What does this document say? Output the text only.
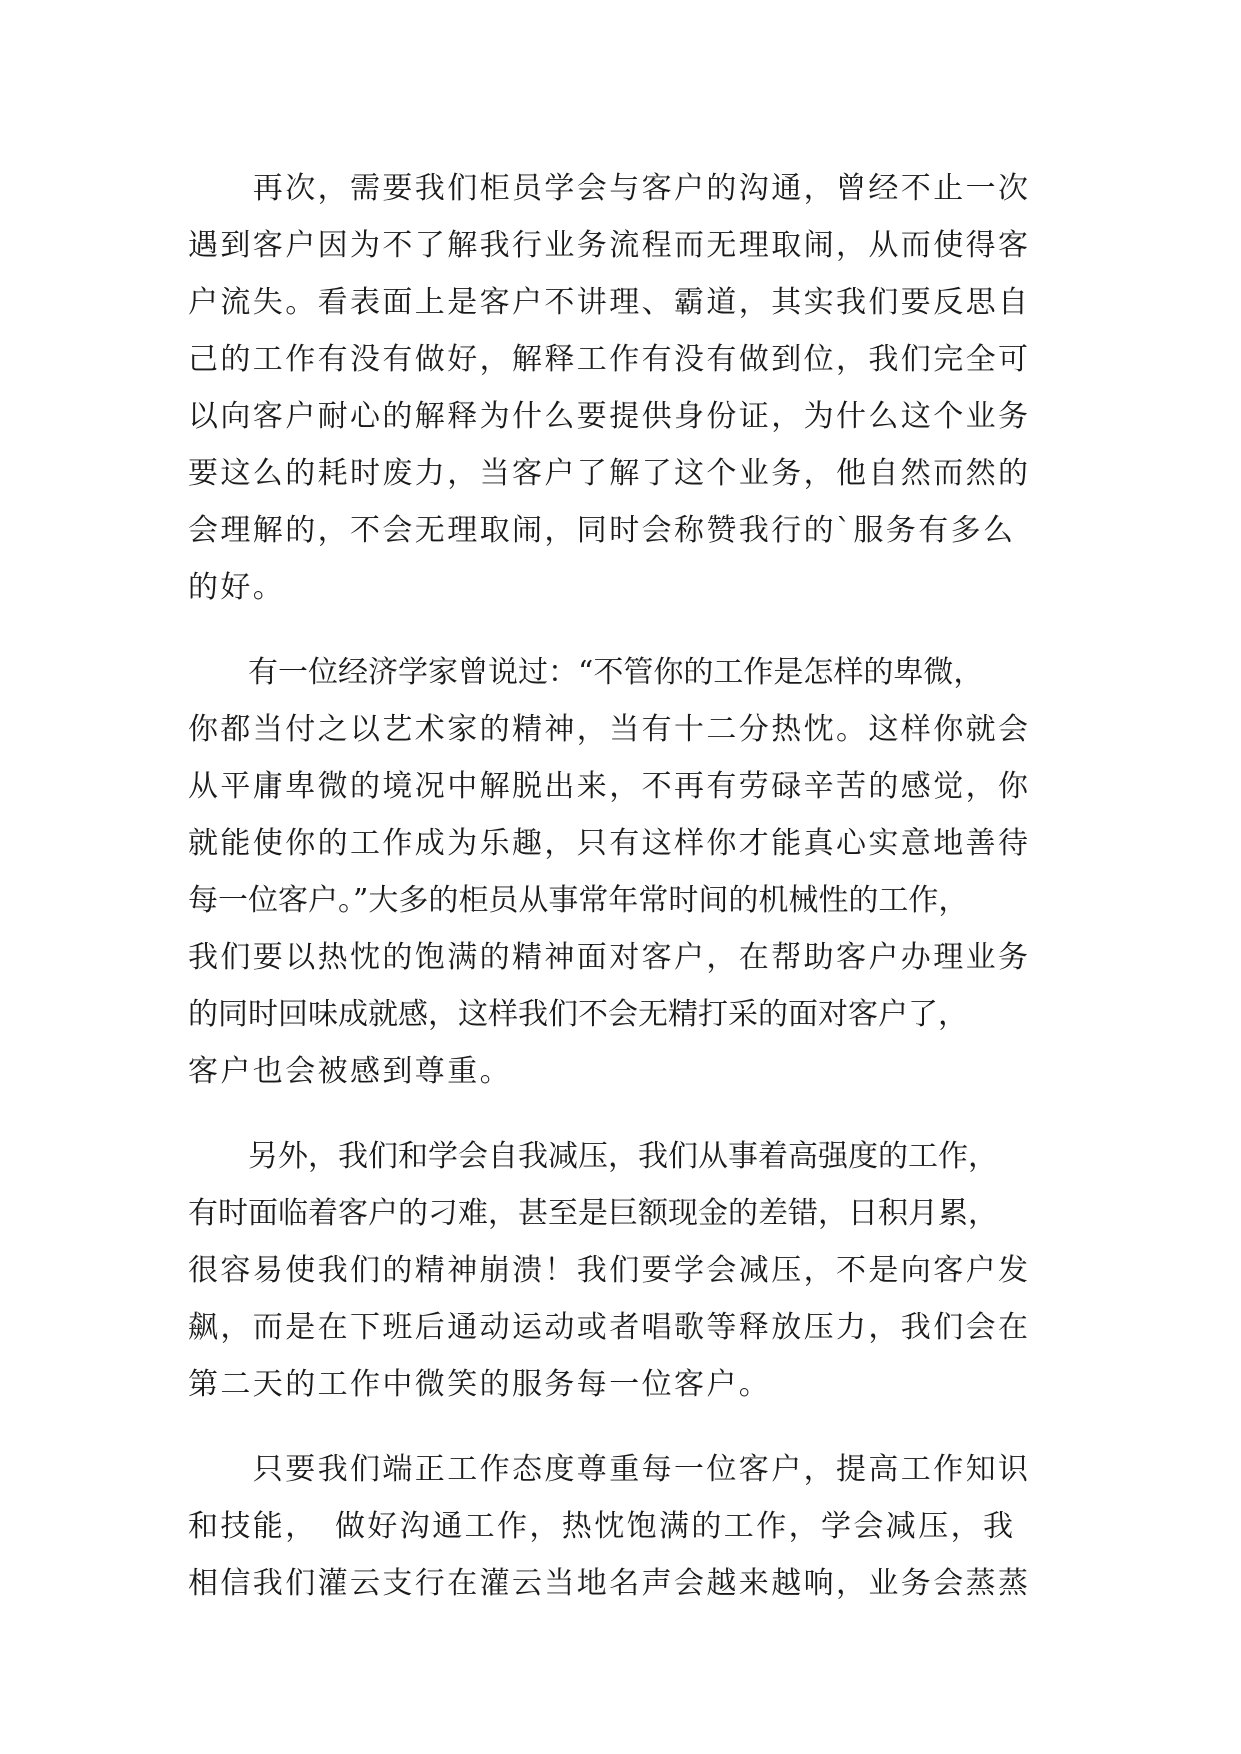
　　再次，需要我们柜员学会与客户的沟通，曾经不止一次
遇到客户因为不了解我行业务流程而无理取闹，从而使得客
户流失。看表面上是客户不讲理、霸道，其实我们要反思自
己的工作有没有做好，解释工作有没有做到位，我们完全可
以向客户耐心的解释为什么要提供身份证，为什么这个业务
要这么的耗时废力，当客户了解了这个业务，他自然而然的
会理解的，不会无理取闹，同时会称赞我行的`服务有多么
的好。
　　有一位经济学家曾说过：“不管你的工作是怎样的卑微，
你都当付之以艺术家的精神，当有十二分热忱。这样你就会
从平庸卑微的境况中解脱出来，不再有劳碌辛苦的感觉，你
就能使你的工作成为乐趣，只有这样你才能真心实意地善待
每一位客户。”大多的柜员从事常年常时间的机械性的工作，
我们要以热忱的饱满的精神面对客户，在帮助客户办理业务
的同时回味成就感，这样我们不会无精打采的面对客户了，
客户也会被感到尊重。
　　另外，我们和学会自我减压，我们从事着高强度的工作，
有时面临着客户的刁难，甚至是巨额现金的差错，日积月累，
很容易使我们的精神崩溃！我们要学会减压，不是向客户发
飙，而是在下班后通动运动或者唱歌等释放压力，我们会在
第二天的工作中微笑的服务每一位客户。
　　只要我们端正工作态度尊重每一位客户，提高工作知识
和技能，　做好沟通工作，热忱饱满的工作，学会减压，我
相信我们灌云支行在灌云当地名声会越来越响，业务会蒸蒸
